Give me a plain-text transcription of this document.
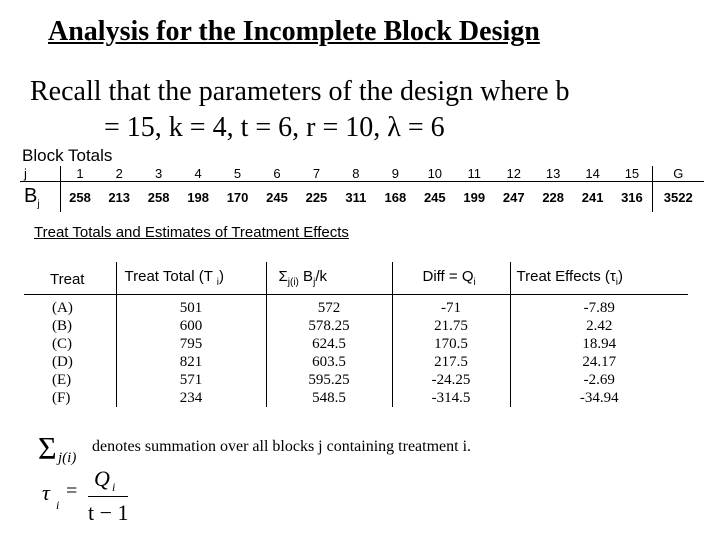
Analysis for the Incomplete Block Design
Recall that the parameters of the design where b
= 15, k = 4, t = 6, r = 10, λ = 6
Block Totals
j	1	2	3	4	5	6	7	8	9	10	11	12	13	14	15	G
$B_j$	258	213	258	198	170	245	225	311	168	245	199	247	228	241	316	3522
Treat Totals and Estimates of Treatment Effects
Treat	Treat Total (T $_i$)	$\Sigma_{j(i)}$ $B_j/k$	Diff = $Q_i$	Treat Effects $(\tau_i)$
(A)	501	572	-71	-7.89
(B)	600	578.25	21.75	2.42
(C)	795	624.5	170.5	18.94
(D)	821	603.5	217.5	24.17
(E)	571	595.25	-24.25	-2.69
(F)	234	548.5	-314.5	-34.94
Σ j(i)
denotes summation over all blocks j containing treatment i.
τ i
= Q i
t − 1
